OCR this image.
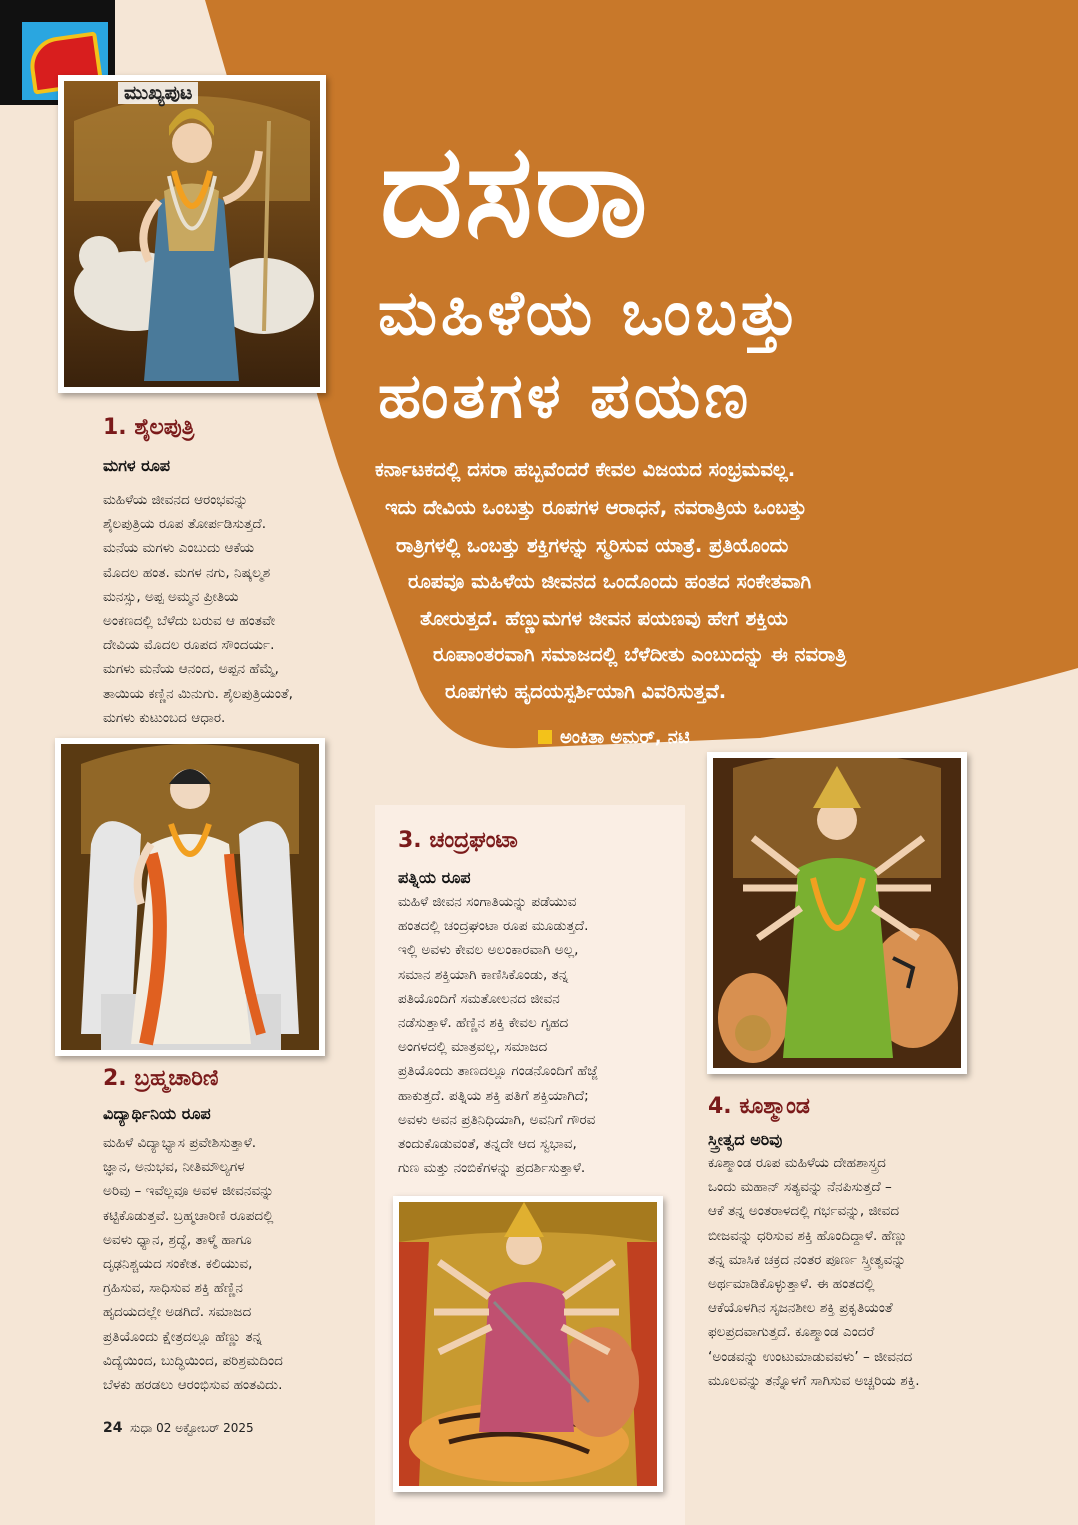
ಮುಖ್ಯಪುಟ
ದಸರಾ
ಮಹಿಳೆಯ ಒಂಬತ್ತು
ಹಂತಗಳ ಪಯಣ
ಕರ್ನಾಟಕದಲ್ಲಿ ದಸರಾ ಹಬ್ಬವೆಂದರೆ ಕೇವಲ ವಿಜಯದ ಸಂಭ್ರಮವಲ್ಲ.
ಇದು ದೇವಿಯ ಒಂಬತ್ತು ರೂಪಗಳ ಆರಾಧನೆ, ನವರಾತ್ರಿಯ ಒಂಬತ್ತು
ರಾತ್ರಿಗಳಲ್ಲಿ ಒಂಬತ್ತು ಶಕ್ತಿಗಳನ್ನು ಸ್ಮರಿಸುವ ಯಾತ್ರೆ. ಪ್ರತಿಯೊಂದು
ರೂಪವೂ ಮಹಿಳೆಯ ಜೀವನದ ಒಂದೊಂದು ಹಂತದ ಸಂಕೇತವಾಗಿ
ತೋರುತ್ತದೆ. ಹೆಣ್ಣುಮಗಳ ಜೀವನ ಪಯಣವು ಹೇಗೆ ಶಕ್ತಿಯ
ರೂಪಾಂತರವಾಗಿ ಸಮಾಜದಲ್ಲಿ ಬೆಳೆದೀತು ಎಂಬುದನ್ನು ಈ ನವರಾತ್ರಿ
ರೂಪಗಳು ಹೃದಯಸ್ಪರ್ಶಿಯಾಗಿ ವಿವರಿಸುತ್ತವೆ.
ಅಂಕಿತಾ ಅಮರ್, ನಟಿ
1. ಶೈಲಪುತ್ರಿ
ಮಗಳ ರೂಪ
ಮಹಿಳೆಯ ಜೀವನದ ಆರಂಭವನ್ನು
ಶೈಲಪುತ್ರಿಯ ರೂಪ ತೋರ್ಪಡಿಸುತ್ತದೆ.
ಮನೆಯ ಮಗಳು ಎಂಬುದು ಆಕೆಯ
ಮೊದಲ ಹಂತ. ಮಗಳ ನಗು, ನಿಷ್ಕಲ್ಮಶ
ಮನಸ್ಸು, ಅಪ್ಪ ಅಮ್ಮನ ಪ್ರೀತಿಯ
ಅಂಕಣದಲ್ಲಿ ಬೆಳೆದು ಬರುವ ಆ ಹಂತವೇ
ದೇವಿಯ ಮೊದಲ ರೂಪದ ಸೌಂದರ್ಯ.
ಮಗಳು ಮನೆಯ ಆನಂದ, ಅಪ್ಪನ ಹೆಮ್ಮೆ,
ತಾಯಿಯ ಕಣ್ಣಿನ ಮಿನುಗು. ಶೈಲಪುತ್ರಿಯಂತೆ,
ಮಗಳು ಕುಟುಂಬದ ಆಧಾರ.
2. ಬ್ರಹ್ಮಚಾರಿಣಿ
ವಿದ್ಯಾರ್ಥಿನಿಯ ರೂಪ
ಮಹಿಳೆ ವಿದ್ಯಾಭ್ಯಾಸ ಪ್ರವೇಶಿಸುತ್ತಾಳೆ.
ಜ್ಞಾನ, ಅನುಭವ, ನೀತಿಮೌಲ್ಯಗಳ
ಅರಿವು – ಇವೆಲ್ಲವೂ ಅವಳ ಜೀವನವನ್ನು
ಕಟ್ಟಿಕೊಡುತ್ತವೆ. ಬ್ರಹ್ಮಚಾರಿಣಿ ರೂಪದಲ್ಲಿ
ಅವಳು ಧ್ಯಾನ, ಶ್ರದ್ಧೆ, ತಾಳ್ಮೆ ಹಾಗೂ
ದೃಢನಿಶ್ಚಯದ ಸಂಕೇತ. ಕಲಿಯುವ,
ಗ್ರಹಿಸುವ, ಸಾಧಿಸುವ ಶಕ್ತಿ ಹೆಣ್ಣಿನ
ಹೃದಯದಲ್ಲೇ ಅಡಗಿದೆ. ಸಮಾಜದ
ಪ್ರತಿಯೊಂದು ಕ್ಷೇತ್ರದಲ್ಲೂ ಹೆಣ್ಣು ತನ್ನ
ವಿದ್ಯೆಯಿಂದ, ಬುದ್ಧಿಯಿಂದ, ಪರಿಶ್ರಮದಿಂದ
ಬೆಳಕು ಹರಡಲು ಆರಂಭಿಸುವ ಹಂತವಿದು.
3. ಚಂದ್ರಘಂಟಾ
ಪತ್ನಿಯ ರೂಪ
ಮಹಿಳೆ ಜೀವನ ಸಂಗಾತಿಯನ್ನು ಪಡೆಯುವ
ಹಂತದಲ್ಲಿ ಚಂದ್ರಘಂಟಾ ರೂಪ ಮೂಡುತ್ತದೆ.
ಇಲ್ಲಿ ಅವಳು ಕೇವಲ ಅಲಂಕಾರವಾಗಿ ಅಲ್ಲ,
ಸಮಾನ ಶಕ್ತಿಯಾಗಿ ಕಾಣಿಸಿಕೊಂಡು, ತನ್ನ
ಪತಿಯೊಂದಿಗೆ ಸಮತೋಲನದ ಜೀವನ
ನಡೆಸುತ್ತಾಳೆ. ಹೆಣ್ಣಿನ ಶಕ್ತಿ ಕೇವಲ ಗೃಹದ
ಅಂಗಳದಲ್ಲಿ ಮಾತ್ರವಲ್ಲ, ಸಮಾಜದ
ಪ್ರತಿಯೊಂದು ತಾಣದಲ್ಲೂ ಗಂಡನೊಂದಿಗೆ ಹೆಜ್ಜೆ
ಹಾಕುತ್ತದೆ. ಪತ್ನಿಯ ಶಕ್ತಿ ಪತಿಗೆ ಶಕ್ತಿಯಾಗಿದೆ;
ಅವಳು ಅವನ ಪ್ರತಿನಿಧಿಯಾಗಿ, ಅವನಿಗೆ ಗೌರವ
ತಂದುಕೊಡುವಂತೆ, ತನ್ನದೇ ಆದ ಸ್ವಭಾವ,
ಗುಣ ಮತ್ತು ನಂಬಿಕೆಗಳನ್ನು ಪ್ರದರ್ಶಿಸುತ್ತಾಳೆ.
4. ಕೂಶ್ಮಾಂಡ
ಸ್ತ್ರೀತ್ವದ ಅರಿವು
ಕೂಶ್ಮಾಂಡ ರೂಪ ಮಹಿಳೆಯ ದೇಹಶಾಸ್ತ್ರದ
ಒಂದು ಮಹಾನ್ ಸತ್ಯವನ್ನು ನೆನಪಿಸುತ್ತದೆ –
ಆಕೆ ತನ್ನ ಅಂತರಾಳದಲ್ಲಿ ಗರ್ಭವನ್ನು, ಜೀವದ
ಬೀಜವನ್ನು ಧರಿಸುವ ಶಕ್ತಿ ಹೊಂದಿದ್ದಾಳೆ. ಹೆಣ್ಣು
ತನ್ನ ಮಾಸಿಕ ಚಕ್ರದ ನಂತರ ಪೂರ್ಣ ಸ್ತ್ರೀತ್ವವನ್ನು
ಅರ್ಥಮಾಡಿಕೊಳ್ಳುತ್ತಾಳೆ. ಈ ಹಂತದಲ್ಲಿ
ಆಕೆಯೊಳಗಿನ ಸೃಜನಶೀಲ ಶಕ್ತಿ ಪ್ರಕೃತಿಯಂತೆ
ಫಲಪ್ರದವಾಗುತ್ತದೆ. ಕೂಶ್ಮಾಂಡ ಎಂದರೆ
‘ಅಂಡವನ್ನು ಉಂಟುಮಾಡುವವಳು’ – ಜೀವನದ
ಮೂಲವನ್ನು ತನ್ನೊಳಗೆ ಸಾಗಿಸುವ ಅಚ್ಚರಿಯ ಶಕ್ತಿ.
24 ಸುಧಾ 02 ಅಕ್ಟೋಬರ್ 2025
